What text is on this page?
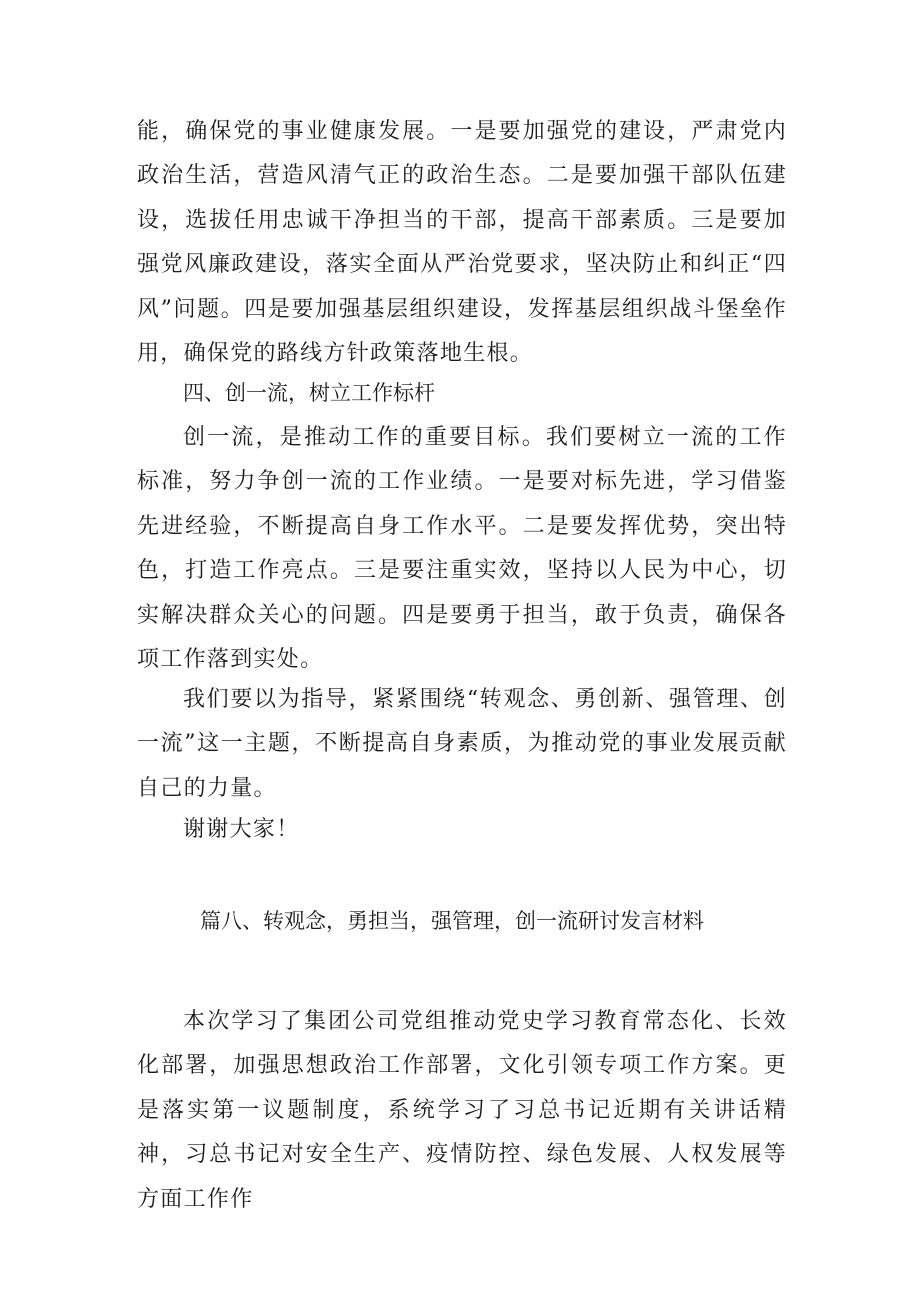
能，确保党的事业健康发展。一是要加强党的建设，严肃党内政治生活，营造风清气正的政治生态。二是要加强干部队伍建设，选拔任用忠诚干净担当的干部，提高干部素质。三是要加强党风廉政建设，落实全面从严治党要求，坚决防止和纠正“四风”问题。四是要加强基层组织建设，发挥基层组织战斗堡垒作用，确保党的路线方针政策落地生根。

四、创一流，树立工作标杆

创一流，是推动工作的重要目标。我们要树立一流的工作标准，努力争创一流的工作业绩。一是要对标先进，学习借鉴先进经验，不断提高自身工作水平。二是要发挥优势，突出特色，打造工作亮点。三是要注重实效，坚持以人民为中心，切实解决群众关心的问题。四是要勇于担当，敢于负责，确保各项工作落到实处。

我们要以为指导，紧紧围绕“转观念、勇创新、强管理、创一流”这一主题，不断提高自身素质，为推动党的事业发展贡献自己的力量。

谢谢大家！

篇八、转观念，勇担当，强管理，创一流研讨发言材料

本次学习了集团公司党组推动党史学习教育常态化、长效化部署，加强思想政治工作部署，文化引领专项工作方案。更是落实第一议题制度，系统学习了习总书记近期有关讲话精神，习总书记对安全生产、疫情防控、绿色发展、人权发展等方面工作作
